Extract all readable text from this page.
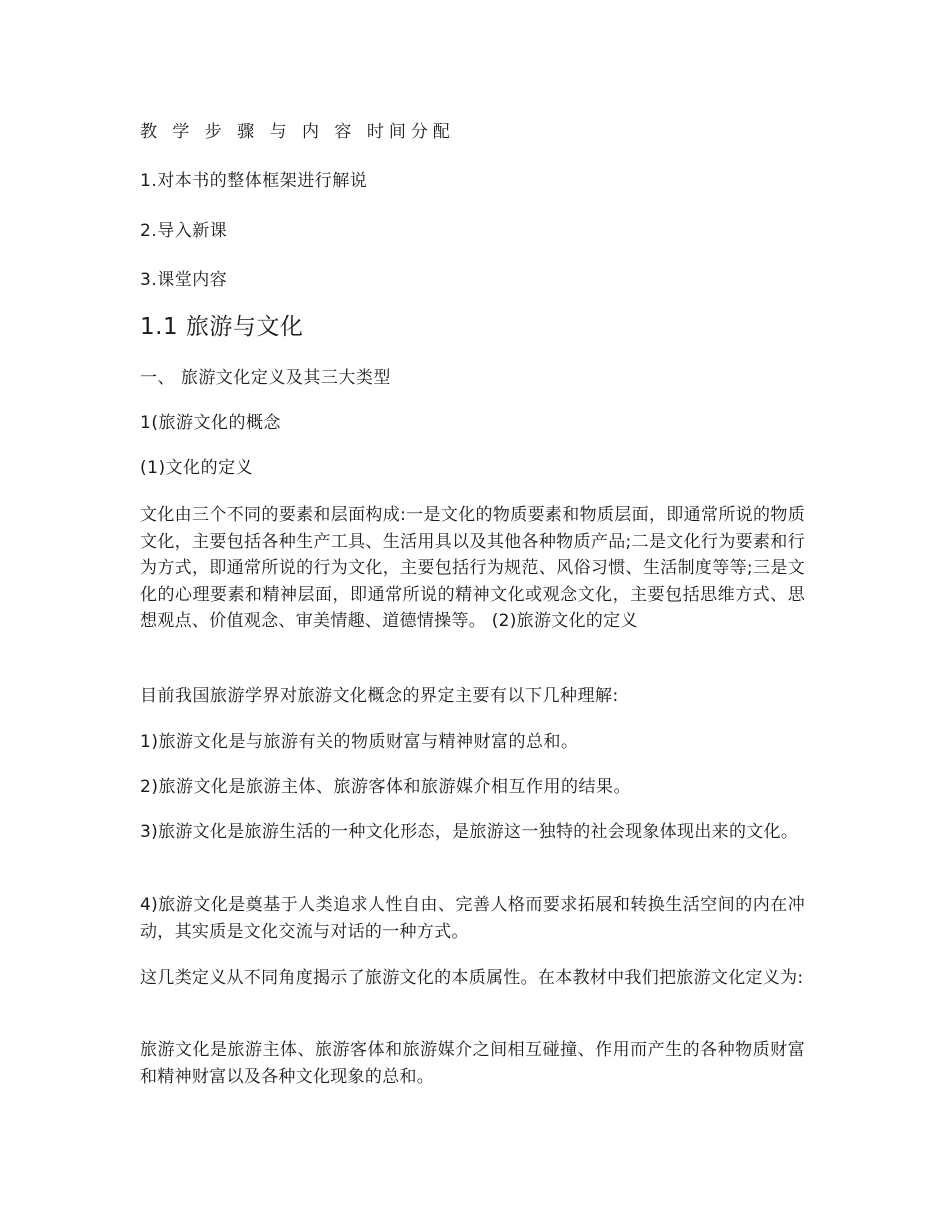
教 学 步 骤 与 内 容 时间分配
1.对本书的整体框架进行解说
2.导入新课
3.课堂内容
1.1 旅游与文化
一、 旅游文化定义及其三大类型
1(旅游文化的概念
(1)文化的定义
文化由三个不同的要素和层面构成:一是文化的物质要素和物质层面，即通常所说的物质文化，主要包括各种生产工具、生活用具以及其他各种物质产品;二是文化行为要素和行为方式，即通常所说的行为文化，主要包括行为规范、风俗习惯、生活制度等等;三是文化的心理要素和精神层面，即通常所说的精神文化或观念文化，主要包括思维方式、思想观点、价值观念、审美情趣、道德情操等。 (2)旅游文化的定义
目前我国旅游学界对旅游文化概念的界定主要有以下几种理解:
1)旅游文化是与旅游有关的物质财富与精神财富的总和。
2)旅游文化是旅游主体、旅游客体和旅游媒介相互作用的结果。
3)旅游文化是旅游生活的一种文化形态，是旅游这一独特的社会现象体现出来的文化。
4)旅游文化是奠基于人类追求人性自由、完善人格而要求拓展和转换生活空间的内在冲动，其实质是文化交流与对话的一种方式。
这几类定义从不同角度揭示了旅游文化的本质属性。在本教材中我们把旅游文化定义为:
旅游文化是旅游主体、旅游客体和旅游媒介之间相互碰撞、作用而产生的各种物质财富和精神财富以及各种文化现象的总和。
